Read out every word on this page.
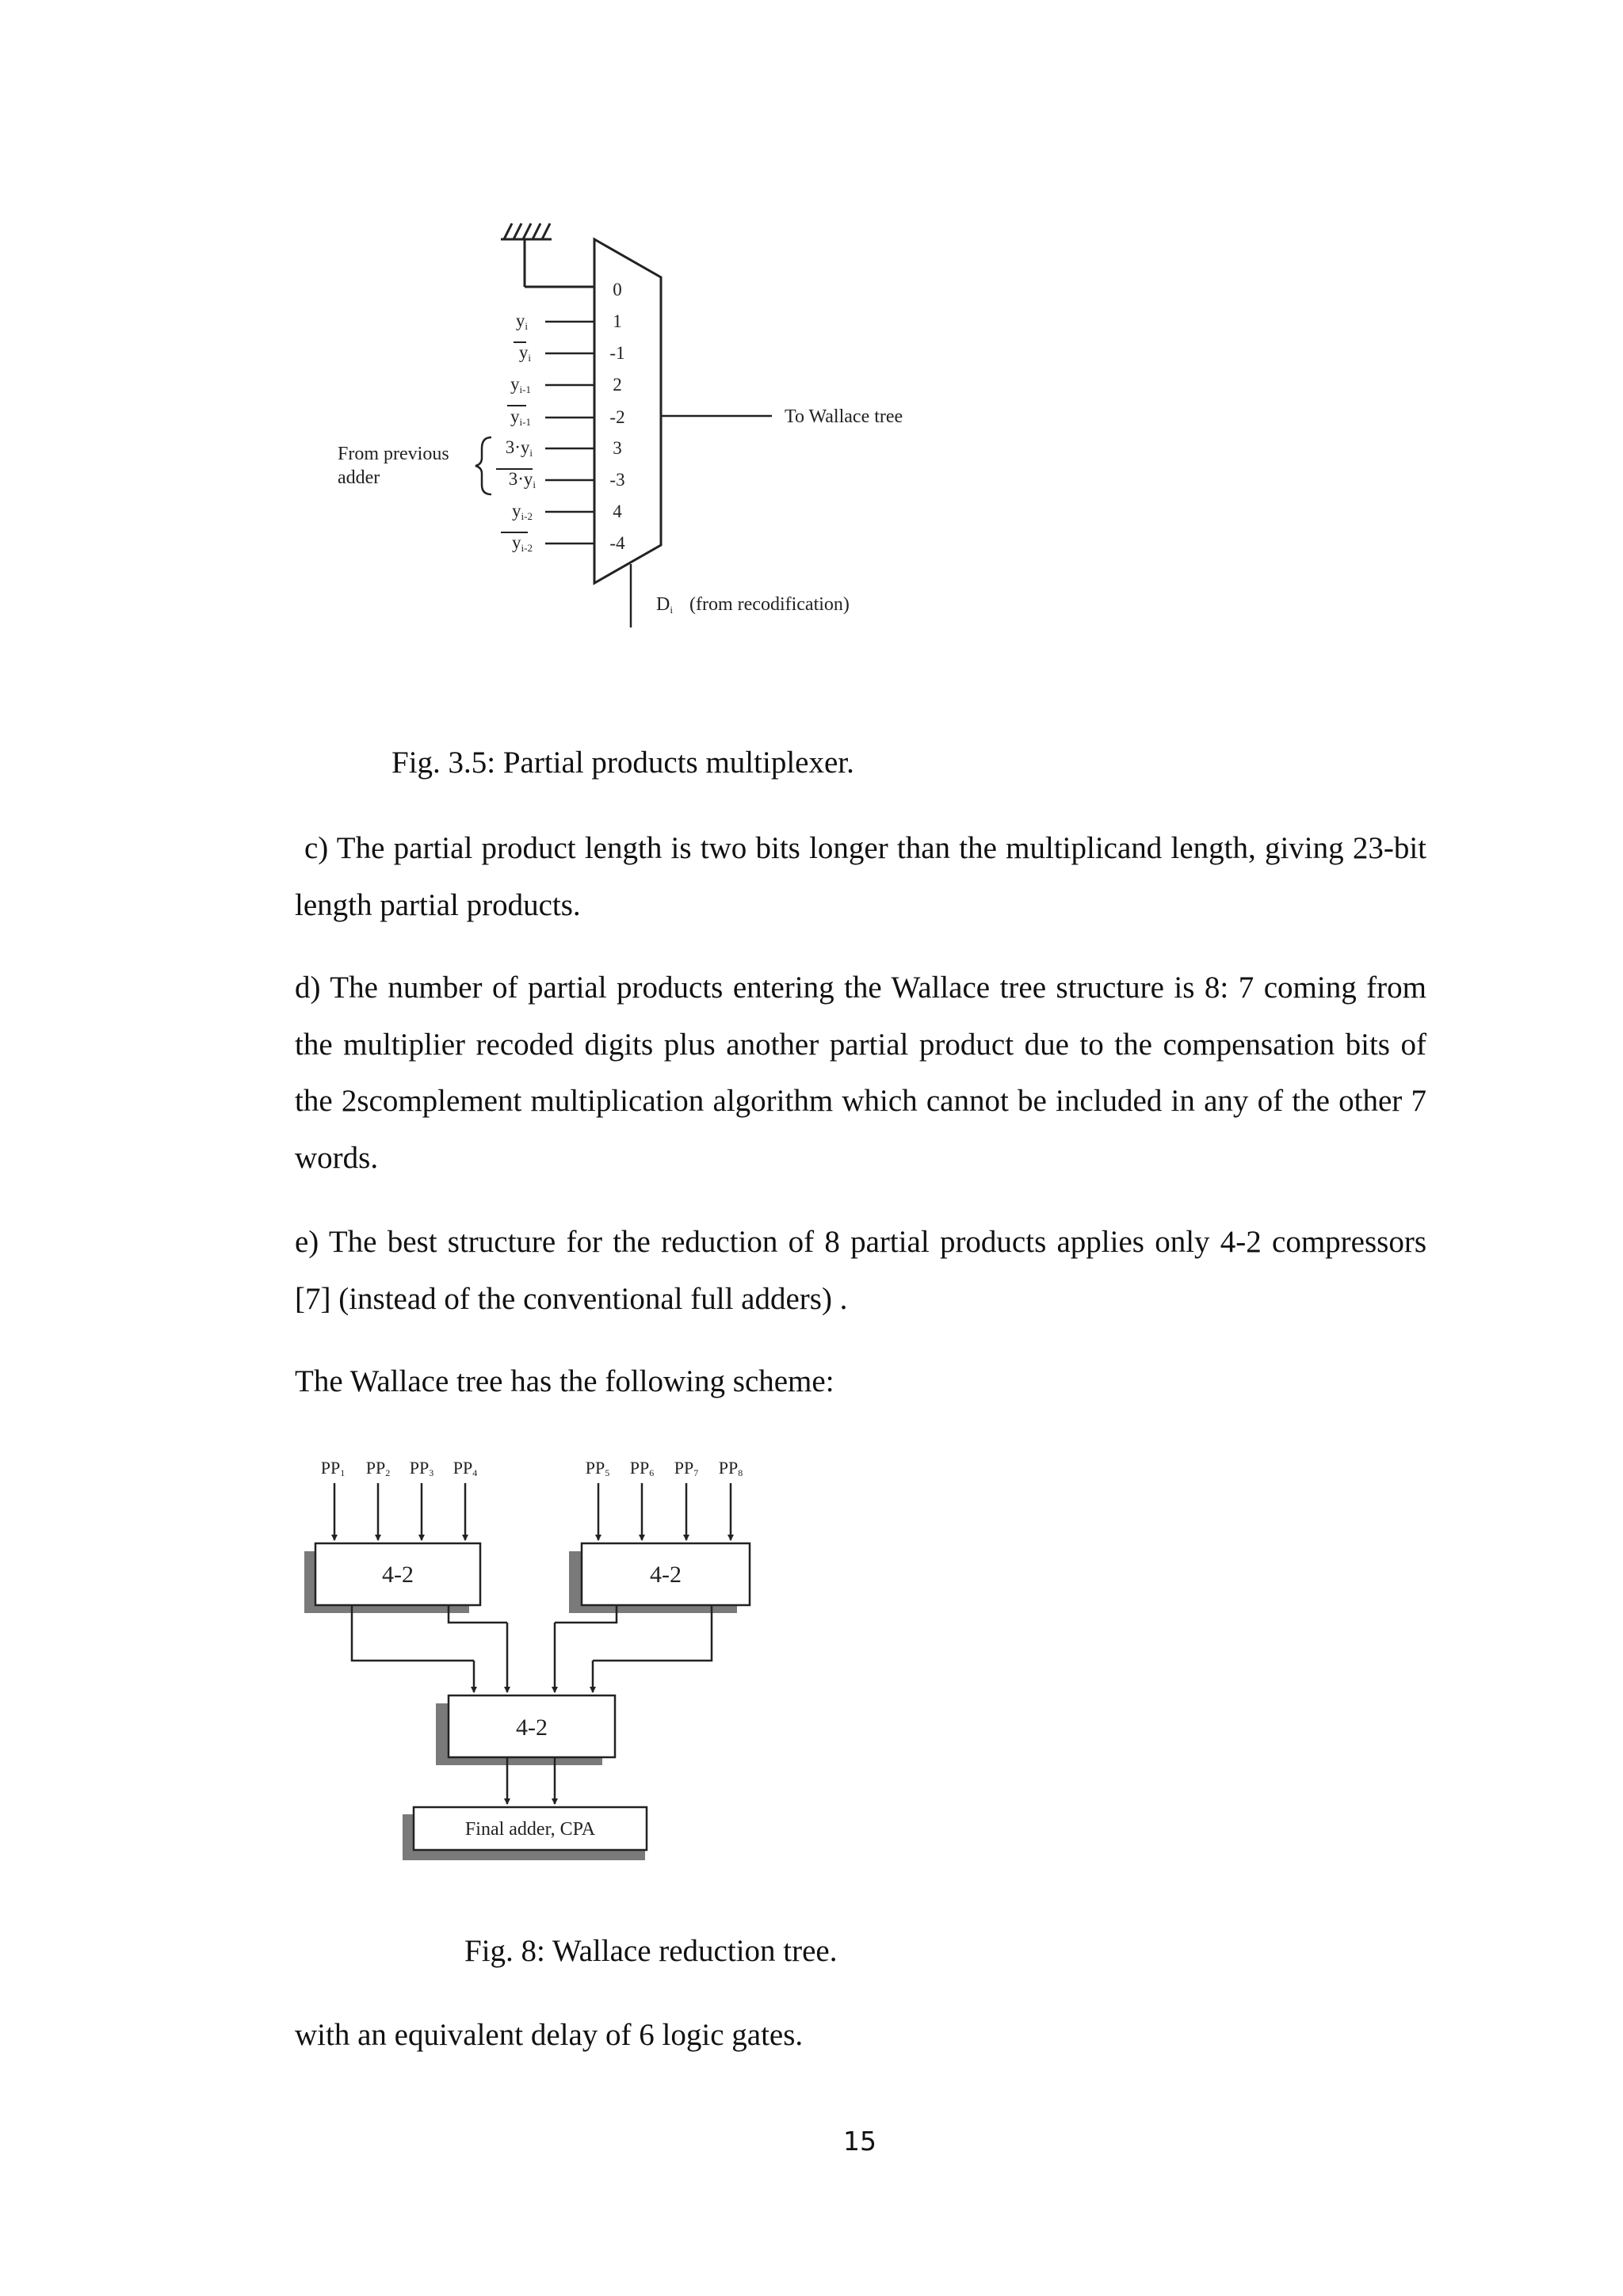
0
1
-1
2
-2
3
-3
4
-4
yi
yi
yi-1
yi-1
3·yi
3·yi
yi-2
yi-2
From previous
adder
To Wallace tree
Di (from recodification)
Fig. 3.5: Partial products multiplexer.

c) The partial product length is two bits longer than the multiplicand length, giving 23-bit length partial products.

d) The number of partial products entering the Wallace tree structure is 8: 7 coming from the multiplier recoded digits plus another partial product due to the compensation bits of the 2scomplement multiplication algorithm which cannot be included in any of the other 7 words.

e) The best structure for the reduction of 8 partial products applies only 4-2 compressors [7] (instead of the conventional full adders) .

The Wallace tree has the following scheme:

PP1 PP2 PP3 PP4	PP5 PP6 PP7 PP8
4-2	4-2
4-2
Final adder, CPA
Fig. 8: Wallace reduction tree.

with an equivalent delay of 6 logic gates.

15
